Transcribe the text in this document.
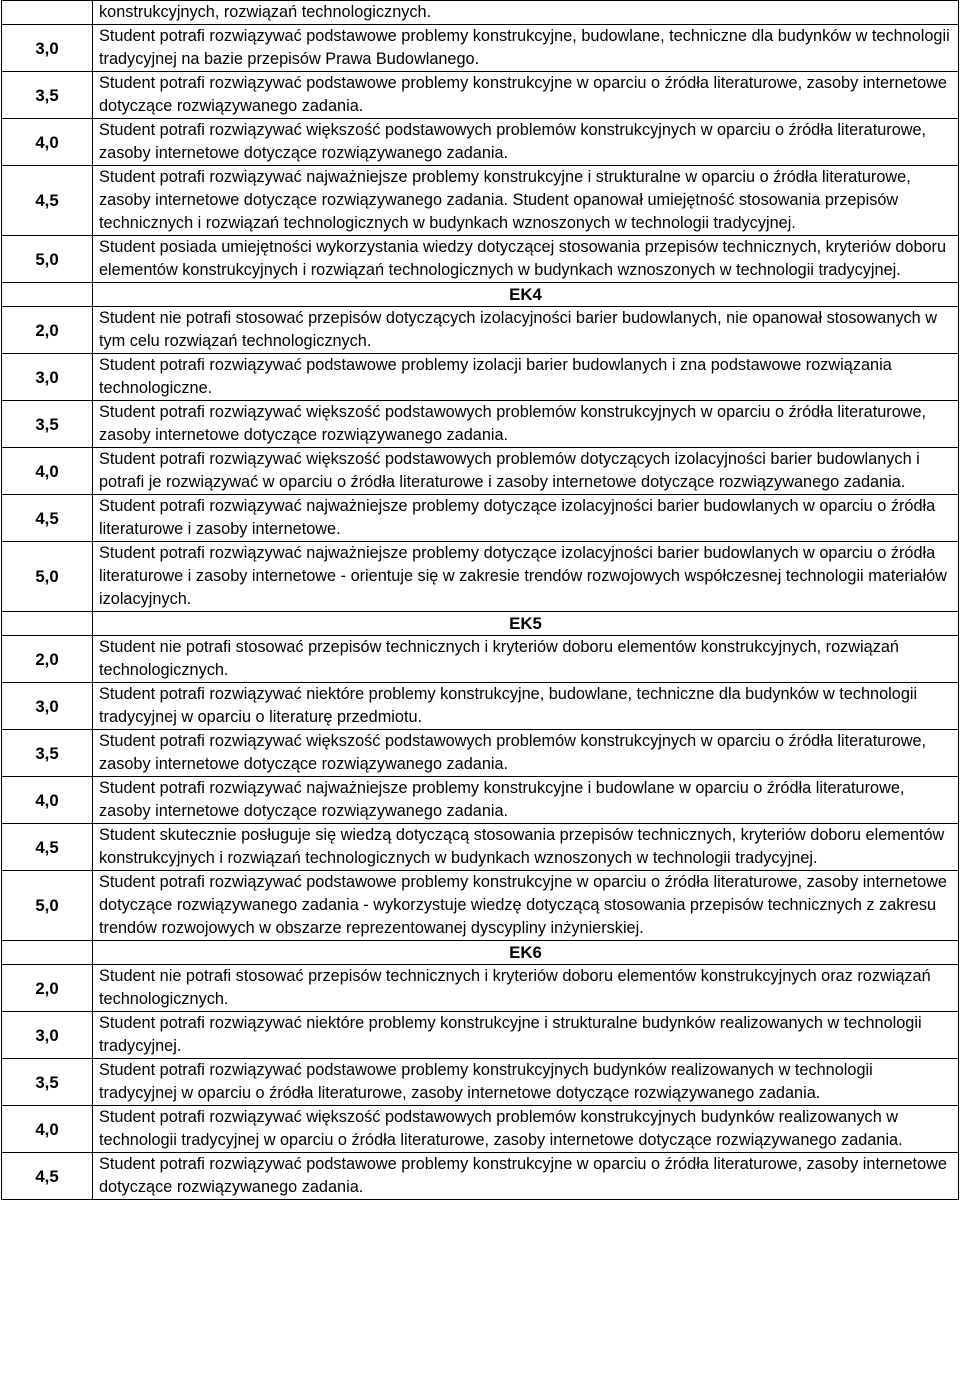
	konstrukcyjnych, rozwiązań technologicznych.
3,0	Student potrafi rozwiązywać podstawowe problemy konstrukcyjne, budowlane, techniczne dla budynków w technologii tradycyjnej na bazie przepisów Prawa Budowlanego.
3,5	Student potrafi rozwiązywać podstawowe problemy konstrukcyjne w oparciu o źródła literaturowe, zasoby internetowe dotyczące rozwiązywanego zadania.
4,0	Student potrafi rozwiązywać większość podstawowych problemów konstrukcyjnych w oparciu o źródła literaturowe, zasoby internetowe dotyczące rozwiązywanego zadania.
4,5	Student potrafi rozwiązywać najważniejsze problemy konstrukcyjne i strukturalne w oparciu o źródła literaturowe, zasoby internetowe dotyczące rozwiązywanego zadania. Student opanował umiejętność stosowania przepisów technicznych i rozwiązań technologicznych w budynkach wznoszonych w technologii tradycyjnej.
5,0	Student posiada umiejętności wykorzystania wiedzy dotyczącej stosowania przepisów technicznych, kryteriów doboru elementów konstrukcyjnych i rozwiązań technologicznych w budynkach wznoszonych w technologii tradycyjnej.
	EK4
2,0	Student nie potrafi stosować przepisów dotyczących izolacyjności barier budowlanych, nie opanował stosowanych w tym celu rozwiązań technologicznych.
3,0	Student potrafi rozwiązywać podstawowe problemy izolacji barier budowlanych i zna podstawowe rozwiązania technologiczne.
3,5	Student potrafi rozwiązywać większość podstawowych problemów konstrukcyjnych w oparciu o źródła literaturowe, zasoby internetowe dotyczące rozwiązywanego zadania.
4,0	Student potrafi rozwiązywać większość podstawowych problemów dotyczących izolacyjności barier budowlanych i potrafi je rozwiązywać w oparciu o źródła literaturowe i zasoby internetowe dotyczące rozwiązywanego zadania.
4,5	Student potrafi rozwiązywać najważniejsze problemy dotyczące izolacyjności barier budowlanych w oparciu o źródła literaturowe i zasoby internetowe.
5,0	Student potrafi rozwiązywać najważniejsze problemy dotyczące izolacyjności barier budowlanych w oparciu o źródła literaturowe i zasoby internetowe - orientuje się w zakresie trendów rozwojowych współczesnej technologii materiałów izolacyjnych.
	EK5
2,0	Student nie potrafi stosować przepisów technicznych i kryteriów doboru elementów konstrukcyjnych, rozwiązań technologicznych.
3,0	Student potrafi rozwiązywać niektóre problemy konstrukcyjne, budowlane, techniczne dla budynków w technologii tradycyjnej w oparciu o literaturę przedmiotu.
3,5	Student potrafi rozwiązywać większość podstawowych problemów konstrukcyjnych w oparciu o źródła literaturowe, zasoby internetowe dotyczące rozwiązywanego zadania.
4,0	Student potrafi rozwiązywać najważniejsze problemy konstrukcyjne i budowlane w oparciu o źródła literaturowe, zasoby internetowe dotyczące rozwiązywanego zadania.
4,5	Student skutecznie posługuje się wiedzą dotyczącą stosowania przepisów technicznych, kryteriów doboru elementów konstrukcyjnych i rozwiązań technologicznych w budynkach wznoszonych w technologii tradycyjnej.
5,0	Student potrafi rozwiązywać podstawowe problemy konstrukcyjne w oparciu o źródła literaturowe, zasoby internetowe dotyczące rozwiązywanego zadania - wykorzystuje wiedzę dotyczącą stosowania przepisów technicznych z zakresu trendów rozwojowych w obszarze reprezentowanej dyscypliny inżynierskiej.
	EK6
2,0	Student nie potrafi stosować przepisów technicznych i kryteriów doboru elementów konstrukcyjnych oraz rozwiązań technologicznych.
3,0	Student potrafi rozwiązywać niektóre problemy konstrukcyjne i strukturalne budynków realizowanych w technologii tradycyjnej.
3,5	Student potrafi rozwiązywać podstawowe problemy konstrukcyjnych budynków realizowanych w technologii tradycyjnej w oparciu o źródła literaturowe, zasoby internetowe dotyczące rozwiązywanego zadania.
4,0	Student potrafi rozwiązywać większość podstawowych problemów konstrukcyjnych budynków realizowanych w technologii tradycyjnej w oparciu o źródła literaturowe, zasoby internetowe dotyczące rozwiązywanego zadania.
4,5	Student potrafi rozwiązywać podstawowe problemy konstrukcyjne w oparciu o źródła literaturowe, zasoby internetowe dotyczące rozwiązywanego zadania.
